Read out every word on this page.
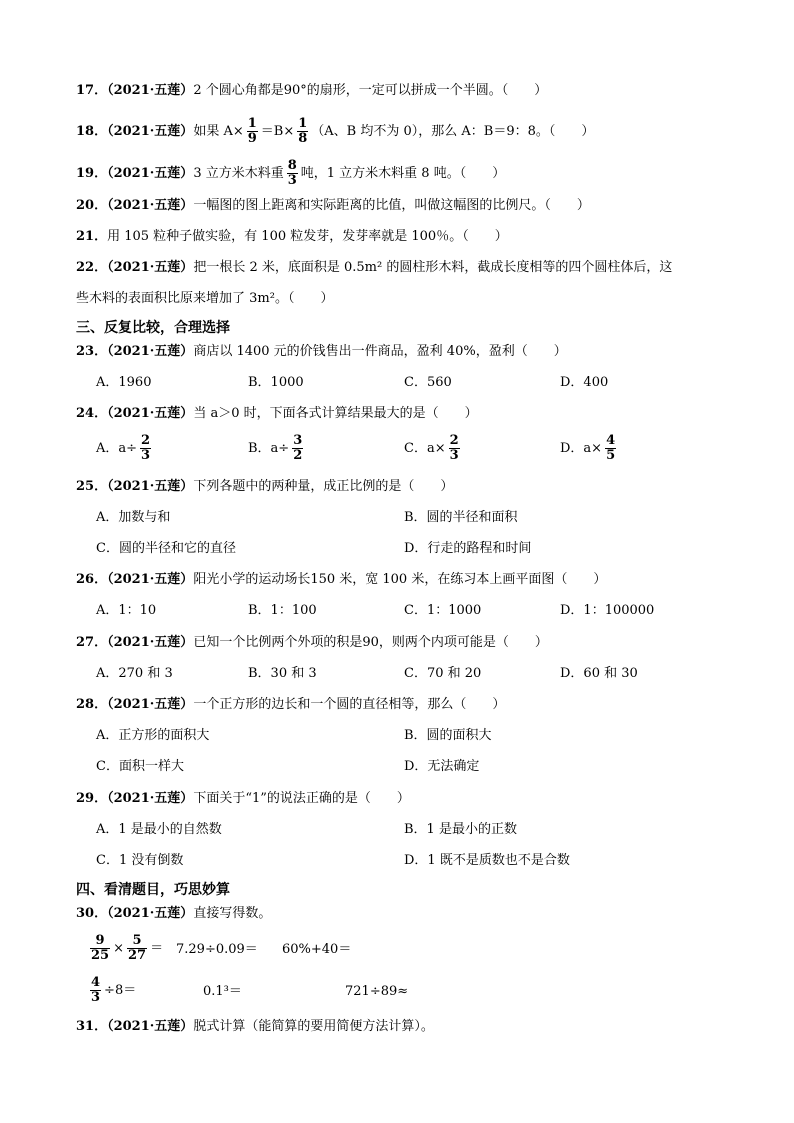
17．（2021·五莲）2 个圆心角都是90°的扇形，一定可以拼成一个半圆。（　　）
18．（2021·五莲）如果 $A\times \frac{1}{9} =B\times \frac{1}{8} (A$、B 均不为 0），那么 A：B＝9：8。（　　）
19．（2021·五莲）3 立方米木料重 $\frac{8}{3}$ 吨，1 立方米木料重 8 吨。（　　）
20．（2021·五莲）一幅图的图上距离和实际距离的比值，叫做这幅图的比例尺。（　　）
21．用 105 粒种子做实验，有 100 粒发芽，发芽率就是 100％。（　　）
22．（2021·五莲）把一根长 2 米，底面积是 0.5m² 的圆柱形木料，截成长度相等的四个圆柱体后，这
些木料的表面积比原来增加了 3m²。（　　）
三、反复比较，合理选择
23．（2021·五莲）商店以 1400 元的价钱售出一件商品，盈利 40%，盈利（　　）
A．1960	B．1000	C．560	D．400
24．（2021·五莲）当 a＞0 时，下面各式计算结果最大的是（　　）
A．$a\div \frac{2}{3}$	B．$a\div \frac{3}{2}$	C．$a\times \frac{2}{3}$	D．$a\times \frac{4}{5}$
25．（2021·五莲）下列各题中的两种量，成正比例的是（　　）
A．加数与和	B．圆的半径和面积
C．圆的半径和它的直径	D．行走的路程和时间
26．（2021·五莲）阳光小学的运动场长150 米，宽 100 米，在练习本上画平面图（　　）
A．1：10	B．1：100	C．1：1000	D．1：100000
27．（2021·五莲）已知一个比例两个外项的积是90，则两个内项可能是（　　）
A．270 和 3	B．30 和 3	C．70 和 20	D．60 和 30
28．（2021·五莲）一个正方形的边长和一个圆的直径相等，那么（　　）
A．正方形的面积大	B．圆的面积大
C．面积一样大	D．无法确定
29．（2021·五莲）下面关于“1”的说法正确的是（　　）
A．1 是最小的自然数	B．1 是最小的正数
C．1 没有倒数	D．1 既不是质数也不是合数
四、看清题目，巧思妙算
30．（2021·五莲）直接写得数。
$\frac{9}{25} \times \frac{5}{27} = 7.29\div 0.09= 60\%+40=$
$\frac{4}{3} \div 8=$	0.1³＝	721÷89≈
31．（2021·五莲）脱式计算（能简算的要用简便方法计算）。
